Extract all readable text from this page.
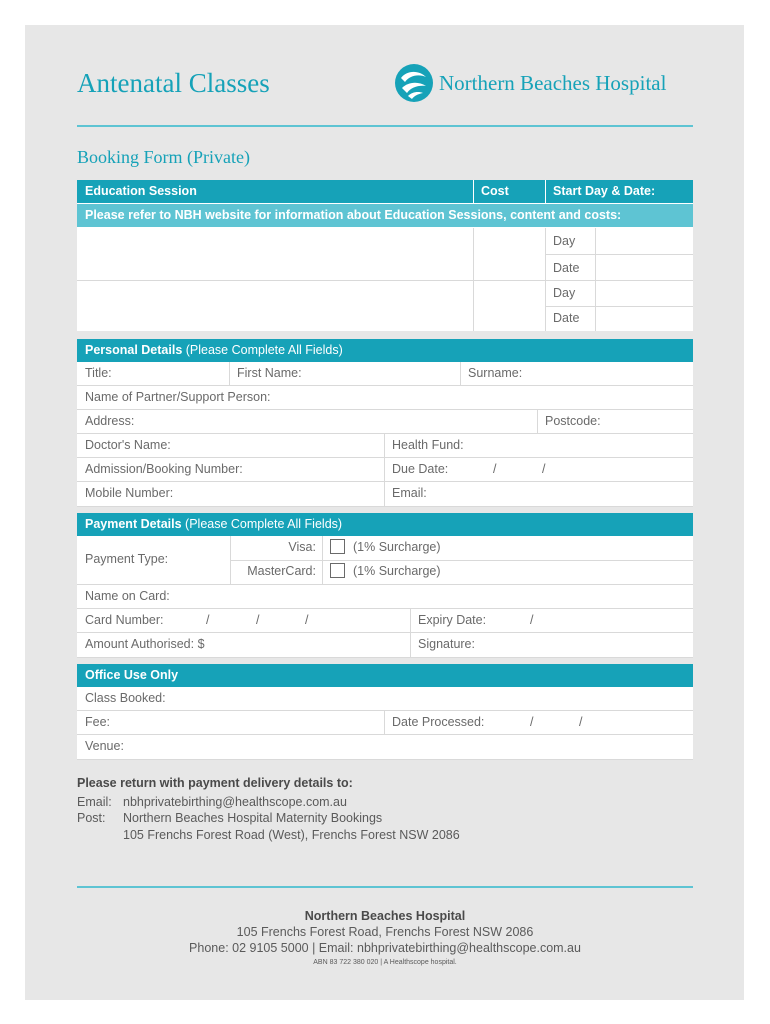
Antenatal Classes	Northern Beaches Hospital
Booking Form (Private)
Education Session	Cost	Start Day & Date:
Please refer to NBH website for information about Education Sessions, content and costs:
Day
Date
Day
Date
Personal Details (Please Complete All Fields)
Title:	First Name:	Surname:
Name of Partner/Support Person:
Address:	Postcode:
Doctor's Name:	Health Fund:
Admission/Booking Number:	Due Date:	/	/
Mobile Number:	Email:
Payment Details (Please Complete All Fields)
Payment Type:
Visa:	(1% Surcharge)
MasterCard:	(1% Surcharge)
Name on Card:
Card Number:	/	/	/	Expiry Date:	/
Amount Authorised: $	Signature:
Office Use Only
Class Booked:
Fee:	Date Processed:	/	/
Venue:
Please return with payment delivery details to:
Email: nbhprivatebirthing@healthscope.com.au
Post: Northern Beaches Hospital Maternity Bookings
105 Frenchs Forest Road (West), Frenchs Forest NSW 2086
Northern Beaches Hospital
105 Frenchs Forest Road, Frenchs Forest NSW 2086
Phone: 02 9105 5000 | Email: nbhprivatebirthing@healthscope.com.au
ABN 83 722 380 020 | A Healthscope hospital.
